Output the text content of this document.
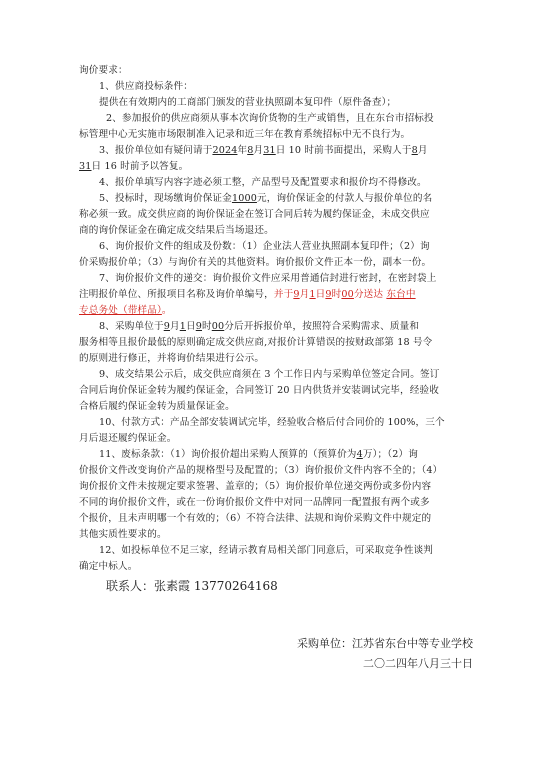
询价要求：
1、供应商投标条件：
提供在有效期内的工商部门颁发的营业执照副本复印件（原件备查）；
2、参加报价的供应商须从事本次询价货物的生产或销售，且在东台市招标投
标管理中心无实施市场限制准入记录和近三年在教育系统招标中无不良行为。
3、报价单位如有疑问请于2024年8月31日 10 时前书面提出，采购人于8月
31日 16 时前予以答复。
4、报价单填写内容字迹必须工整，产品型号及配置要求和报价均不得修改。
5、投标时，现场缴询价保证金1000元，询价保证金的付款人与报价单位的名
称必须一致。成交供应商的询价保证金在签订合同后转为履约保证金，未成交供应
商的询价保证金在确定成交结果后当场退还。
6、询价报价文件的组成及份数：（1）企业法人营业执照副本复印件；（2）询
价采购报价单；（3）与询价有关的其他资料。询价报价文件正本一份，副本一份。
7、询价报价文件的递交：询价报价文件应采用普通信封进行密封，在密封袋上
注明报价单位、所报项目名称及询价单编号，并于9月1日9时00分送达 东台中
专总务处（带样品）。
8、采购单位于9月1日9时00分后开拆报价单，按照符合采购需求、质量和
服务相等且报价最低的原则确定成交供应商,对报价计算错误的按财政部第 18 号令
的原则进行修正，并将询价结果进行公示。
9、成交结果公示后，成交供应商须在 3 个工作日内与采购单位签定合同。签订
合同后询价保证金转为履约保证金，合同签订 20 日内供货并安装调试完毕，经验收
合格后履约保证金转为质量保证金。
10、付款方式：产品全部安装调试完毕，经验收合格后付合同价的 100%，三个
月后退还履约保证金。
11、废标条款：（1）询价报价超出采购人预算的（预算价为4万）；（2）询
价报价文件改变询价产品的规格型号及配置的；（3）询价报价文件内容不全的；（4）
询价报价文件未按规定要求签署、盖章的；（5）询价报价单位递交两份或多份内容
不同的询价报价文件，或在一份询价报价文件中对同一品牌同一配置报有两个或多
个报价，且未声明哪一个有效的；（6）不符合法律、法规和询价采购文件中规定的
其他实质性要求的。
12、如投标单位不足三家，经请示教育局相关部门同意后，可采取竞争性谈判
确定中标人。
联系人：张素霞 13770264168
采购单位：江苏省东台中等专业学校
二〇二四年八月三十日
